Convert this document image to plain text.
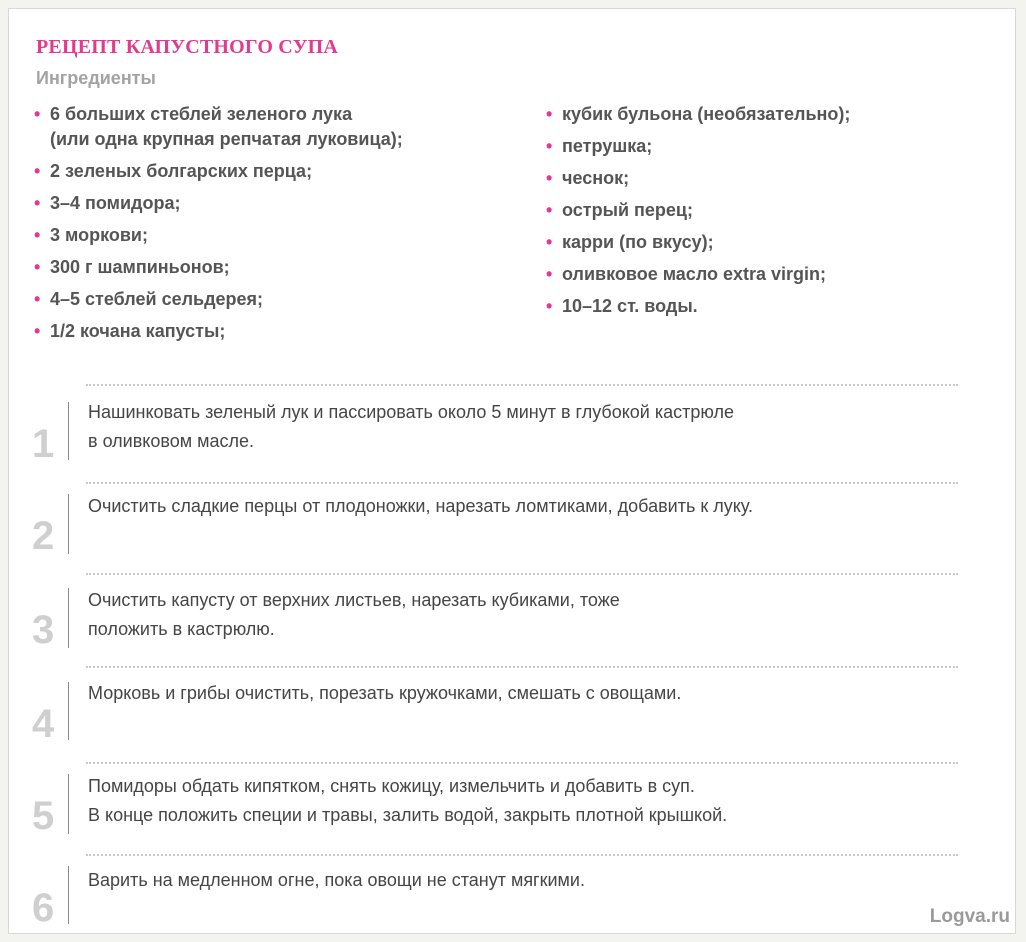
РЕЦЕПТ КАПУСТНОГО СУПА
Ингредиенты
• 6 больших стеблей зеленого лука
(или одна крупная репчатая луковица);
• 2 зеленых болгарских перца;
• 3–4 помидора;
• 3 моркови;
• 300 г шампиньонов;
• 4–5 стеблей сельдерея;
• 1/2 кочана капусты;
• кубик бульона (необязательно);
• петрушка;
• чеснок;
• острый перец;
• карри (по вкусу);
• оливковое масло extra virgin;
• 10–12 ст. воды.
1
Нашинковать зеленый лук и пассировать около 5 минут в глубокой кастрюле
в оливковом масле.
2
Очистить сладкие перцы от плодоножки, нарезать ломтиками, добавить к луку.
3
Очистить капусту от верхних листьев, нарезать кубиками, тоже
положить в кастрюлю.
4
Морковь и грибы очистить, порезать кружочками, смешать с овощами.
5
Помидоры обдать кипятком, снять кожицу, измельчить и добавить в суп.
В конце положить специи и травы, залить водой, закрыть плотной крышкой.
6
Варить на медленном огне, пока овощи не станут мягкими.
Logva.ru
